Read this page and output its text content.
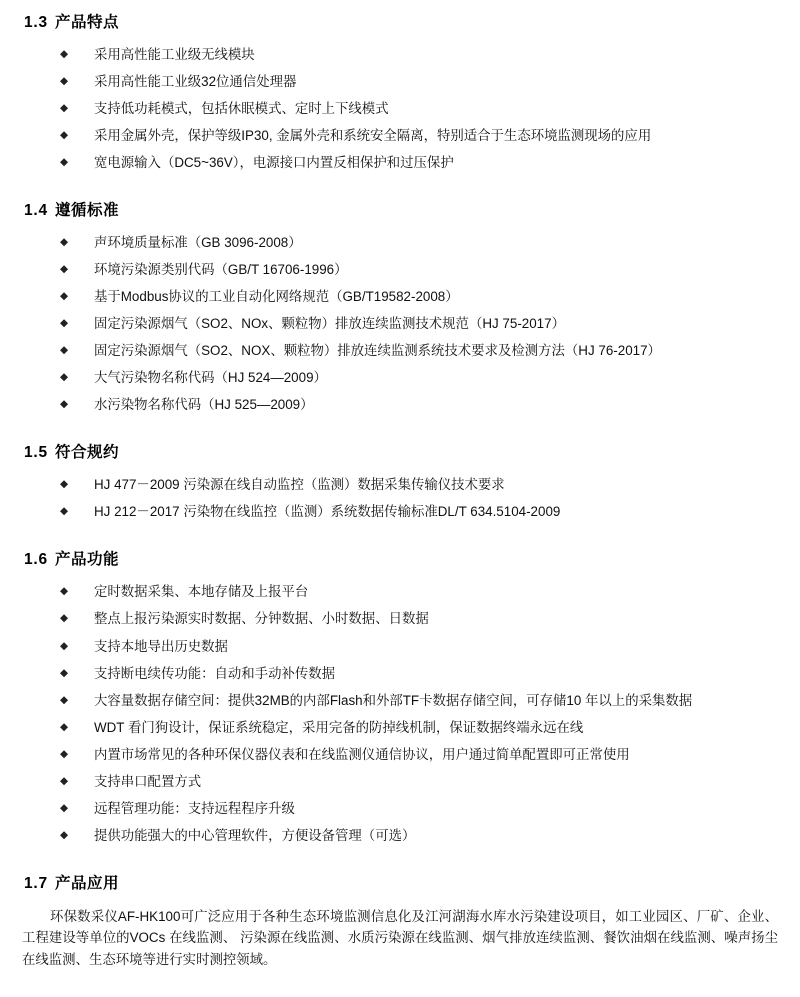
1.3 产品特点
◆	采用高性能工业级无线模块
◆	采用高性能工业级32位通信处理器
◆	支持低功耗模式，包括休眠模式、定时上下线模式
◆	采用金属外壳，保护等级IP30, 金属外壳和系统安全隔离，特别适合于生态环境监测现场的应用
◆	宽电源输入（DC5~36V），电源接口内置反相保护和过压保护
1.4 遵循标准
◆	声环境质量标准（GB 3096-2008）
◆	环境污染源类别代码（GB/T 16706-1996）
◆	基于Modbus协议的工业自动化网络规范（GB/T19582-2008）
◆	固定污染源烟气（SO2、NOx、颗粒物）排放连续监测技术规范（HJ 75-2017）
◆	固定污染源烟气（SO2、NOX、颗粒物）排放连续监测系统技术要求及检测方法（HJ 76-2017）
◆	大气污染物名称代码（HJ 524—2009）
◆	水污染物名称代码（HJ 525—2009）
1.5 符合规约
◆	HJ 477－2009 污染源在线自动监控（监测）数据采集传输仪技术要求
◆	HJ 212－2017 污染物在线监控（监测）系统数据传输标准DL/T 634.5104-2009
1.6 产品功能
◆	定时数据采集、本地存储及上报平台
◆	整点上报污染源实时数据、分钟数据、小时数据、日数据
◆	支持本地导出历史数据
◆	支持断电续传功能：自动和手动补传数据
◆	大容量数据存储空间：提供32MB的内部Flash和外部TF卡数据存储空间，可存储10 年以上的采集数据
◆	WDT 看门狗设计，保证系统稳定，采用完备的防掉线机制，保证数据终端永远在线
◆	内置市场常见的各种环保仪器仪表和在线监测仪通信协议，用户通过简单配置即可正常使用
◆	支持串口配置方式
◆	远程管理功能：支持远程程序升级
◆	提供功能强大的中心管理软件，方便设备管理（可选）
1.7 产品应用

环保数采仪AF-HK100可广泛应用于各种生态环境监测信息化及江河湖海水库水污染建设项目，如工业园区、厂矿、企业、工程建设等单位的VOCs 在线监测、 污染源在线监测、水质污染源在线监测、烟气排放连续监测、餐饮油烟在线监测、噪声扬尘在线监测、生态环境等进行实时测控领域。
